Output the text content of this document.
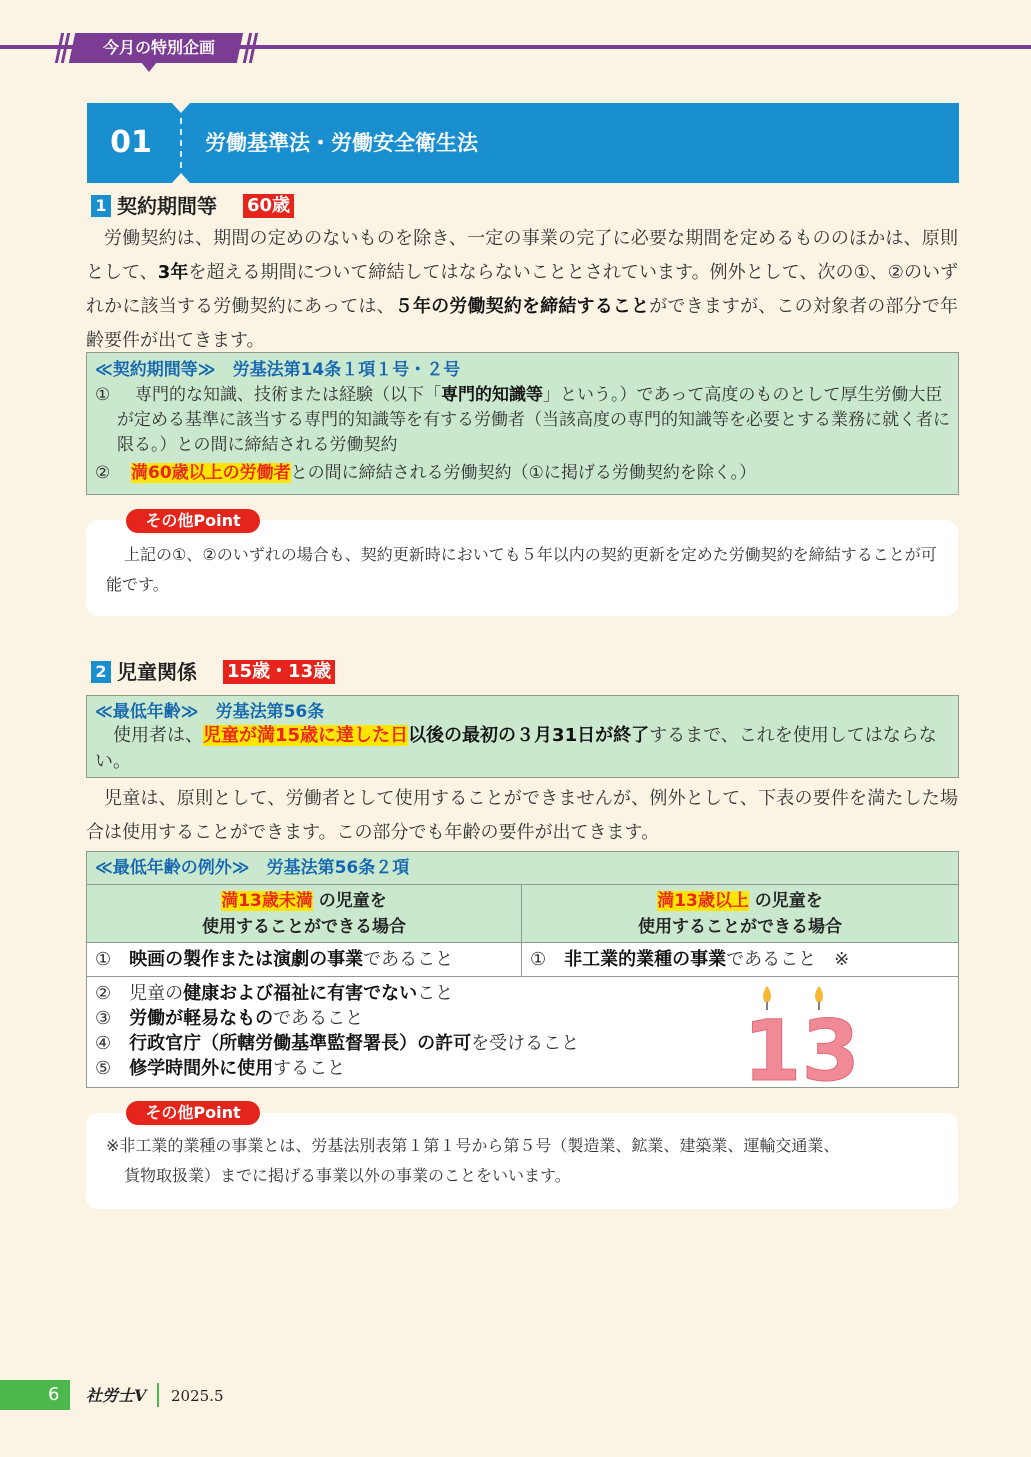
今月の特別企画
01	労働基準法・労働安全衛生法
1 契約期間等 60歳
労働契約は、期間の定めのないものを除き、一定の事業の完了に必要な期間を定めるもののほかは、原則として、3年を超える期間について締結してはならないこととされています。例外として、次の①、②のいずれかに該当する労働契約にあっては、５年の労働契約を締結することができますが、この対象者の部分で年齢要件が出てきます。
≪契約期間等≫　労基法第14条１項１号・２号
①	専門的な知識、技術または経験（以下「専門的知識等」という。）であって高度のものとして厚生労働大臣が定める基準に該当する専門的知識等を有する労働者（当該高度の専門的知識等を必要とする業務に就く者に限る。）との間に締結される労働契約
②	満60歳以上の労働者との間に締結される労働契約（①に掲げる労働契約を除く。）
上記の①、②のいずれの場合も、契約更新時においても５年以内の契約更新を定めた労働契約を締結することが可能です。
その他Point
2 児童関係 15歳・13歳
≪最低年齢≫　労基法第56条
使用者は、児童が満15歳に達した日以後の最初の３月31日が終了するまで、これを使用してはならない。
児童は、原則として、労働者として使用することができませんが、例外として、下表の要件を満たした場合は使用することができます。この部分でも年齢の要件が出てきます。
≪最低年齢の例外≫　労基法第56条２項
満13歳未満 の児童を
使用することができる場合
満13歳以上 の児童を
使用することができる場合
①　 映画の製作または演劇の事業であること	①　 非工業的業種の事業であること　※
②　 児童の健康および福祉に有害でないこと
③　 労働が軽易なものであること
④　 行政官庁（所轄労働基準監督署長）の許可を受けること
⑤　 修学時間外に使用すること	13
※非工業的業種の事業とは、労基法別表第１第１号から第５号（製造業、鉱業、建築業、運輸交通業、
貨物取扱業）までに掲げる事業以外の事業のことをいいます。
その他Point
6 社労士V 2025.5
